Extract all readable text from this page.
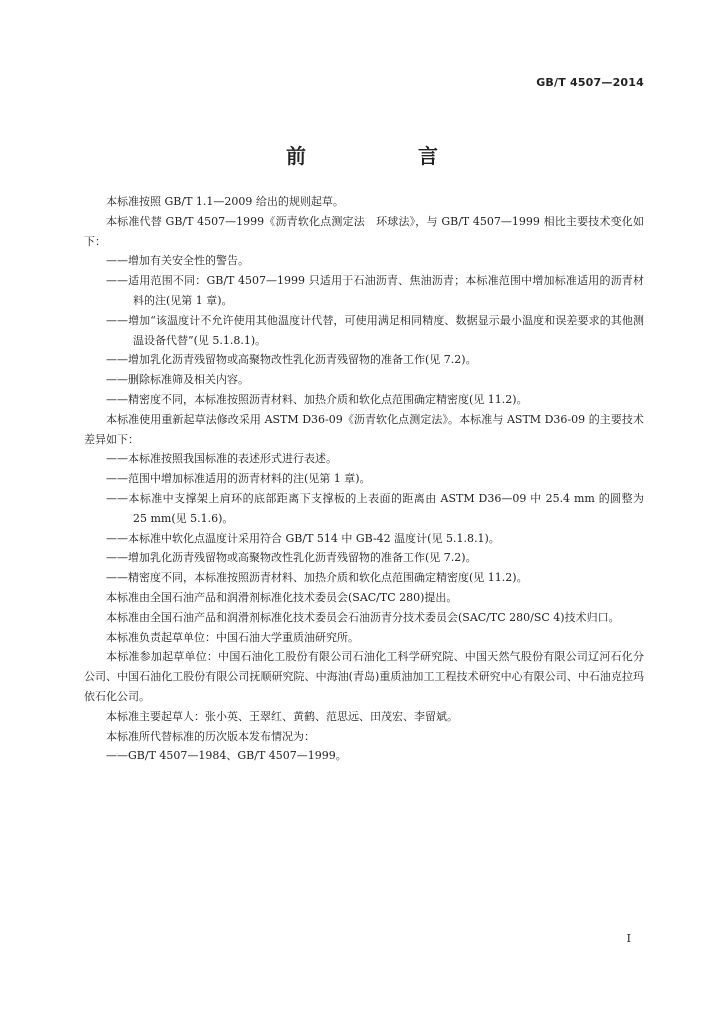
GB/T 4507—2014
前　言

本标准按照 GB/T 1.1—2009 给出的规则起草。

本标准代替 GB/T 4507—1999《沥青软化点测定法　环球法》，与 GB/T 4507—1999 相比主要技术变化如下：

——增加有关安全性的警告。

——适用范围不同：GB/T 4507—1999 只适用于石油沥青、焦油沥青；本标准范围中增加标准适用的沥青材料的注(见第 1 章)。

——增加“该温度计不允许使用其他温度计代替，可使用满足相同精度、数据显示最小温度和误差要求的其他测温设备代替”(见 5.1.8.1)。

——增加乳化沥青残留物或高聚物改性乳化沥青残留物的准备工作(见 7.2)。

——删除标准筛及相关内容。

——精密度不同，本标准按照沥青材料、加热介质和软化点范围确定精密度(见 11.2)。

本标准使用重新起草法修改采用 ASTM D36-09《沥青软化点测定法》。本标准与 ASTM D36-09 的主要技术差异如下：

——本标准按照我国标准的表述形式进行表述。

——范围中增加标准适用的沥青材料的注(见第 1 章)。

——本标准中支撑架上肩环的底部距离下支撑板的上表面的距离由 ASTM D36—09 中 25.4 mm 的圆整为 25 mm(见 5.1.6)。

——本标准中软化点温度计采用符合 GB/T 514 中 GB-42 温度计(见 5.1.8.1)。

——增加乳化沥青残留物或高聚物改性乳化沥青残留物的准备工作(见 7.2)。

——精密度不同，本标准按照沥青材料、加热介质和软化点范围确定精密度(见 11.2)。

本标准由全国石油产品和润滑剂标准化技术委员会(SAC/TC 280)提出。

本标准由全国石油产品和润滑剂标准化技术委员会石油沥青分技术委员会(SAC/TC 280/SC 4)技术归口。

本标准负责起草单位：中国石油大学重质油研究所。

本标准参加起草单位：中国石油化工股份有限公司石油化工科学研究院、中国天然气股份有限公司辽河石化分公司、中国石油化工股份有限公司抚顺研究院、中海油(青岛)重质油加工工程技术研究中心有限公司、中石油克拉玛依石化公司。

本标准主要起草人：张小英、王翠红、黄鹤、范思远、田茂宏、李留斌。

本标准所代替标准的历次版本发布情况为：

——GB/T 4507—1984、GB/T 4507—1999。

I
